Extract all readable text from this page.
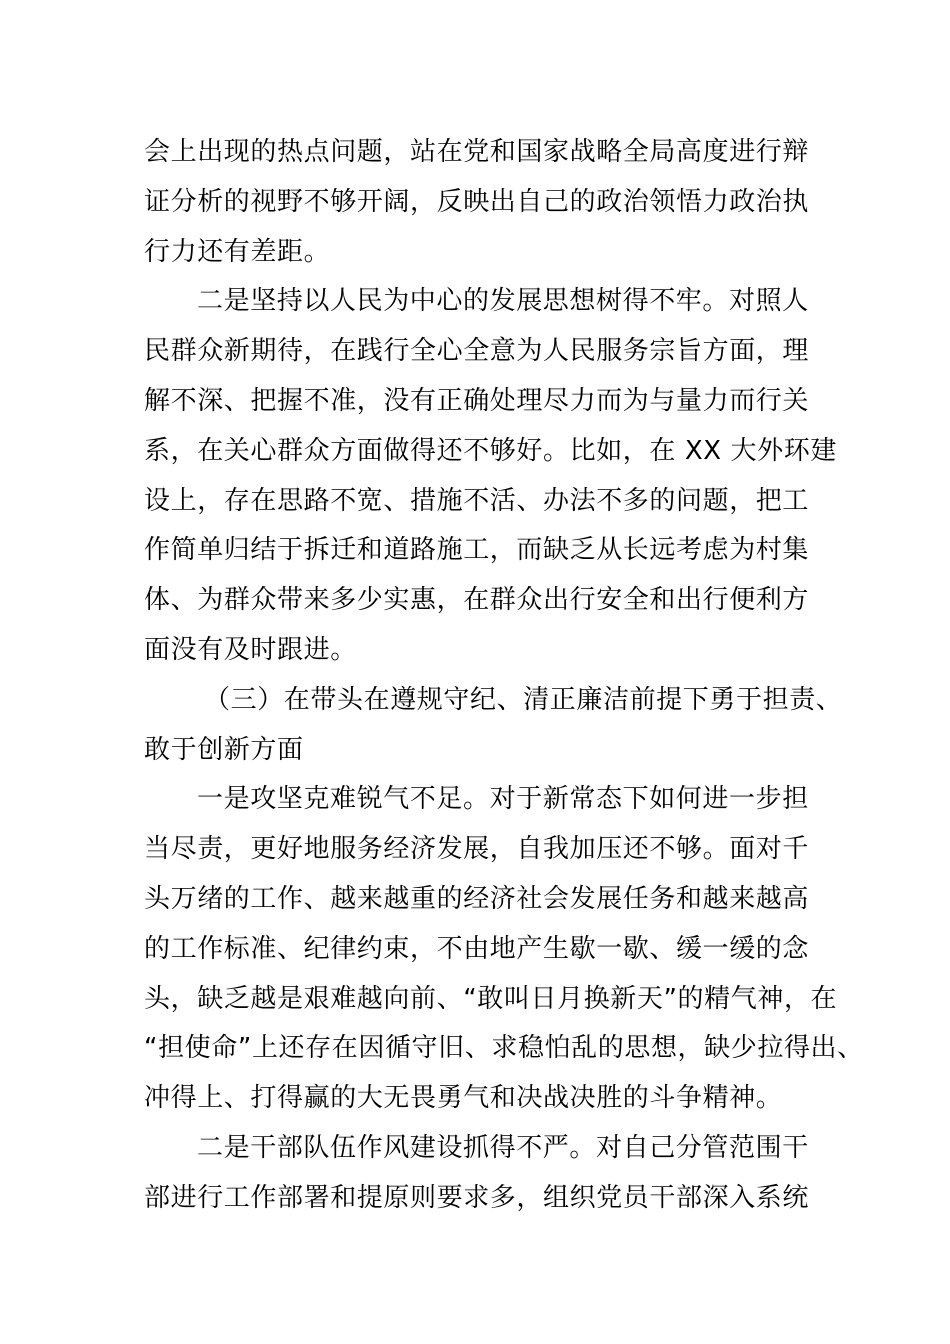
会上出现的热点问题，站在党和国家战略全局高度进行辩
证分析的视野不够开阔，反映出自己的政治领悟力政治执
行力还有差距。
二是坚持以人民为中心的发展思想树得不牢。对照人
民群众新期待，在践行全心全意为人民服务宗旨方面，理
解不深、把握不准，没有正确处理尽力而为与量力而行关
系，在关心群众方面做得还不够好。比如，在 XX 大外环建
设上，存在思路不宽、措施不活、办法不多的问题，把工
作简单归结于拆迁和道路施工，而缺乏从长远考虑为村集
体、为群众带来多少实惠，在群众出行安全和出行便利方
面没有及时跟进。
（三）在带头在遵规守纪、清正廉洁前提下勇于担责、
敢于创新方面
一是攻坚克难锐气不足。对于新常态下如何进一步担
当尽责，更好地服务经济发展，自我加压还不够。面对千
头万绪的工作、越来越重的经济社会发展任务和越来越高
的工作标准、纪律约束，不由地产生歇一歇、缓一缓的念
头，缺乏越是艰难越向前、“敢叫日月换新天”的精气神，在
“担使命”上还存在因循守旧、求稳怕乱的思想，缺少拉得出、
冲得上、打得赢的大无畏勇气和决战决胜的斗争精神。
二是干部队伍作风建设抓得不严。对自己分管范围干
部进行工作部署和提原则要求多，组织党员干部深入系统
